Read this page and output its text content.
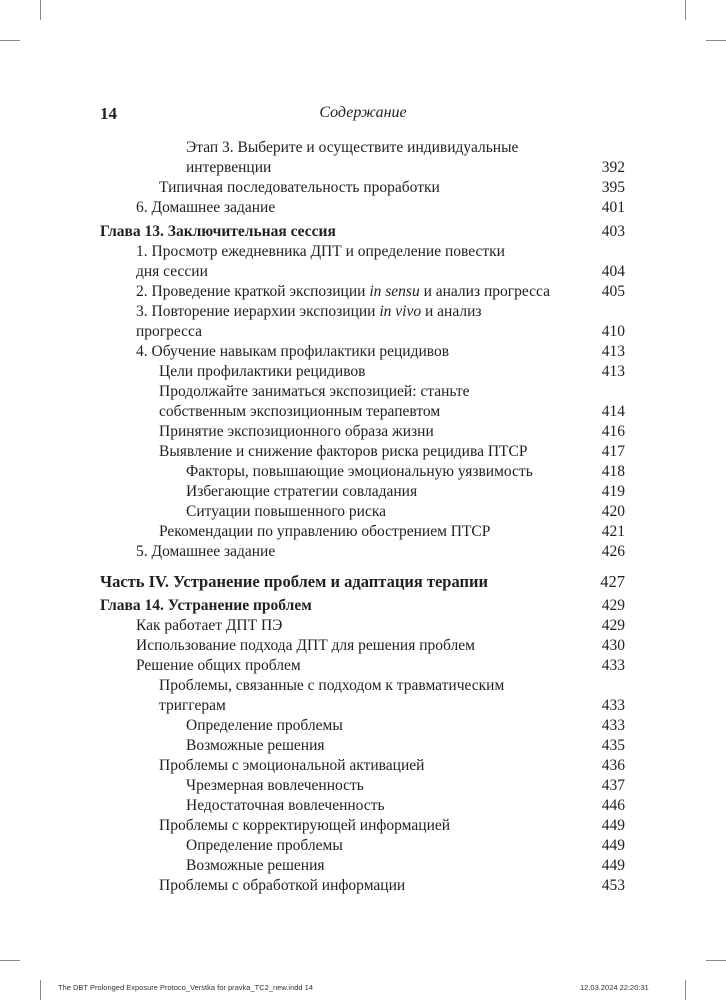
Содержание
14
Этап 3. Выберите и осуществите индивидуальные
интервенции	392
Типичная последовательность проработки	395
6. Домашнее задание	401
Глава 13. Заключительная сессия	403
1. Просмотр ежедневника ДПТ и определение повестки
дня сессии	404
2. Проведение краткой экспозиции in sensu и анализ прогресса	405
3. Повторение иерархии экспозиции in vivo и анализ
прогресса	410
4. Обучение навыкам профилактики рецидивов	413
Цели профилактики рецидивов	413
Продолжайте заниматься экспозицией: станьте
собственным экспозиционным терапевтом	414
Принятие экспозиционного образа жизни	416
Выявление и снижение факторов риска рецидива ПТСР	417
Факторы, повышающие эмоциональную уязвимость	418
Избегающие стратегии совладания	419
Ситуации повышенного риска	420
Рекомендации по управлению обострением ПТСР	421
5. Домашнее задание	426
Часть IV. Устранение проблем и адаптация терапии	427
Глава 14. Устранение проблем	429
Как работает ДПТ ПЭ	429
Использование подхода ДПТ для решения проблем	430
Решение общих проблем	433
Проблемы, связанные с подходом к травматическим
триггерам	433
Определение проблемы	433
Возможные решения	435
Проблемы с эмоциональной активацией	436
Чрезмерная вовлеченность	437
Недостаточная вовлеченность	446
Проблемы с корректирующей информацией	449
Определение проблемы	449
Возможные решения	449
Проблемы с обработкой информации	453
The DBT Prolonged Exposure Protoco_Verstka for pravka_TC2_new.indd 14	12.03.2024 22:20:31
